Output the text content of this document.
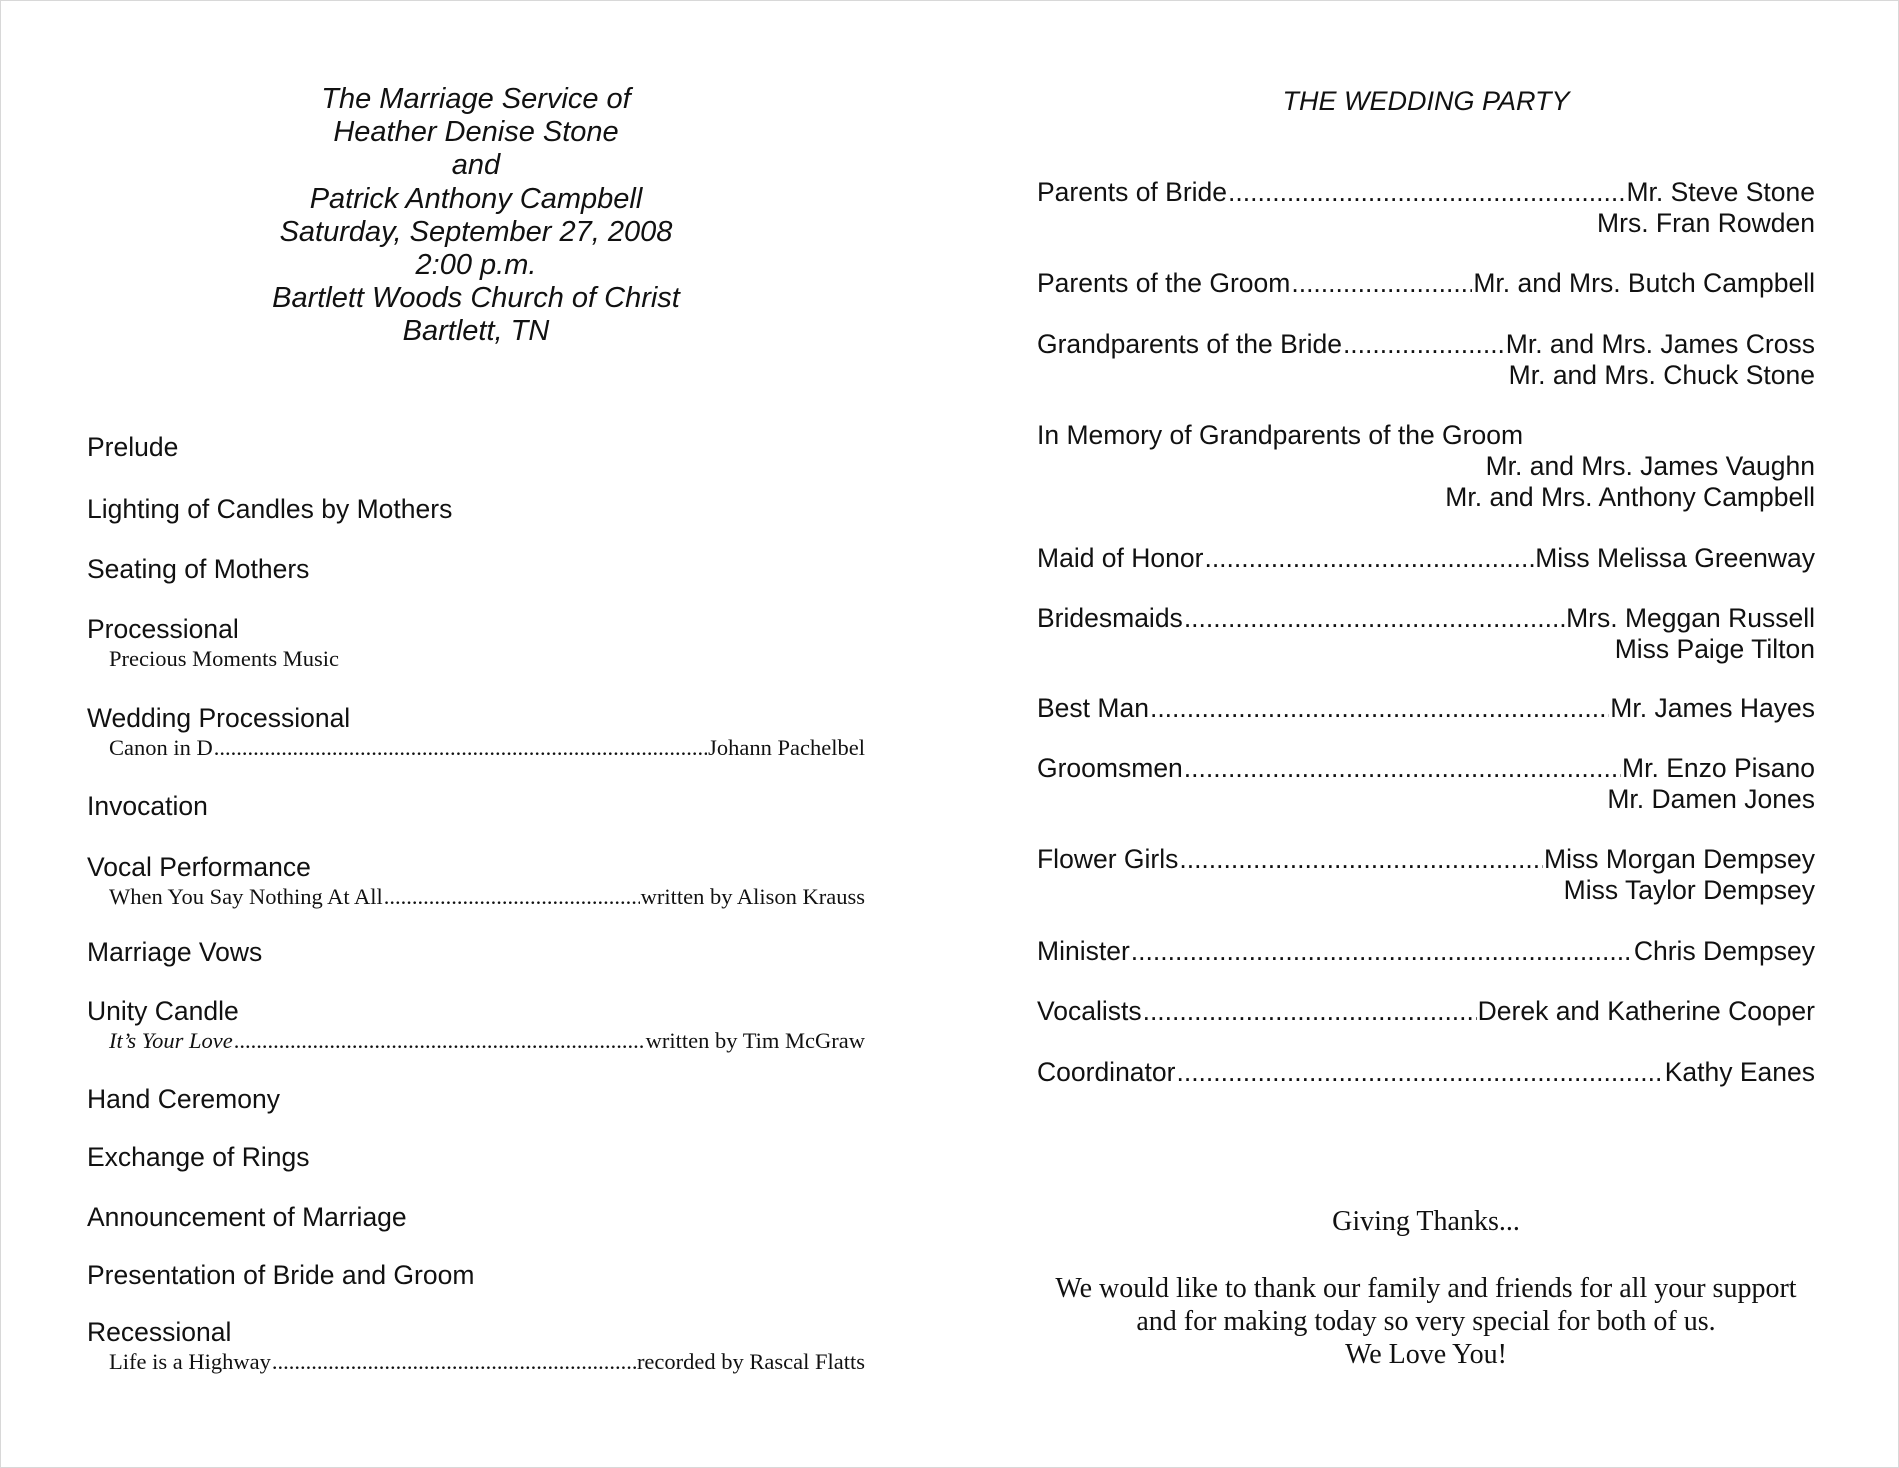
The Marriage Service of
Heather Denise Stone
and
Patrick Anthony Campbell
Saturday, September 27, 2008
2:00 p.m.
Bartlett Woods Church of Christ
Bartlett, TN
Prelude
Lighting of Candles by Mothers
Seating of Mothers
Processional
Precious Moments Music
Wedding Processional
Canon in D .....	Johann Pachelbel
Invocation
Vocal Performance
When You Say Nothing At All .....	written by Alison Krauss
Marriage Vows
Unity Candle
It’s Your Love .....	written by Tim McGraw
Hand Ceremony
Exchange of Rings
Announcement of Marriage
Presentation of Bride and Groom
Recessional
Life is a Highway .....	recorded by Rascal Flatts
THE WEDDING PARTY
Parents of Bride .....	Mr. Steve Stone
Mrs. Fran Rowden
Parents of the Groom .....	Mr. and Mrs. Butch Campbell
Grandparents of the Bride .....	Mr. and Mrs. James Cross
Mr. and Mrs. Chuck Stone
In Memory of Grandparents of the Groom
Mr. and Mrs. James Vaughn
Mr. and Mrs. Anthony Campbell
Maid of Honor .....	Miss Melissa Greenway
Bridesmaids .....	Mrs. Meggan Russell
Miss Paige Tilton
Best Man .....	Mr. James Hayes
Groomsmen .....	Mr. Enzo Pisano
Mr. Damen Jones
Flower Girls .....	Miss Morgan Dempsey
Miss Taylor Dempsey
Minister .....	Chris Dempsey
Vocalists .....	Derek and Katherine Cooper
Coordinator .....	Kathy Eanes
Giving Thanks...
We would like to thank our family and friends for all your support
and for making today so very special for both of us.
We Love You!
